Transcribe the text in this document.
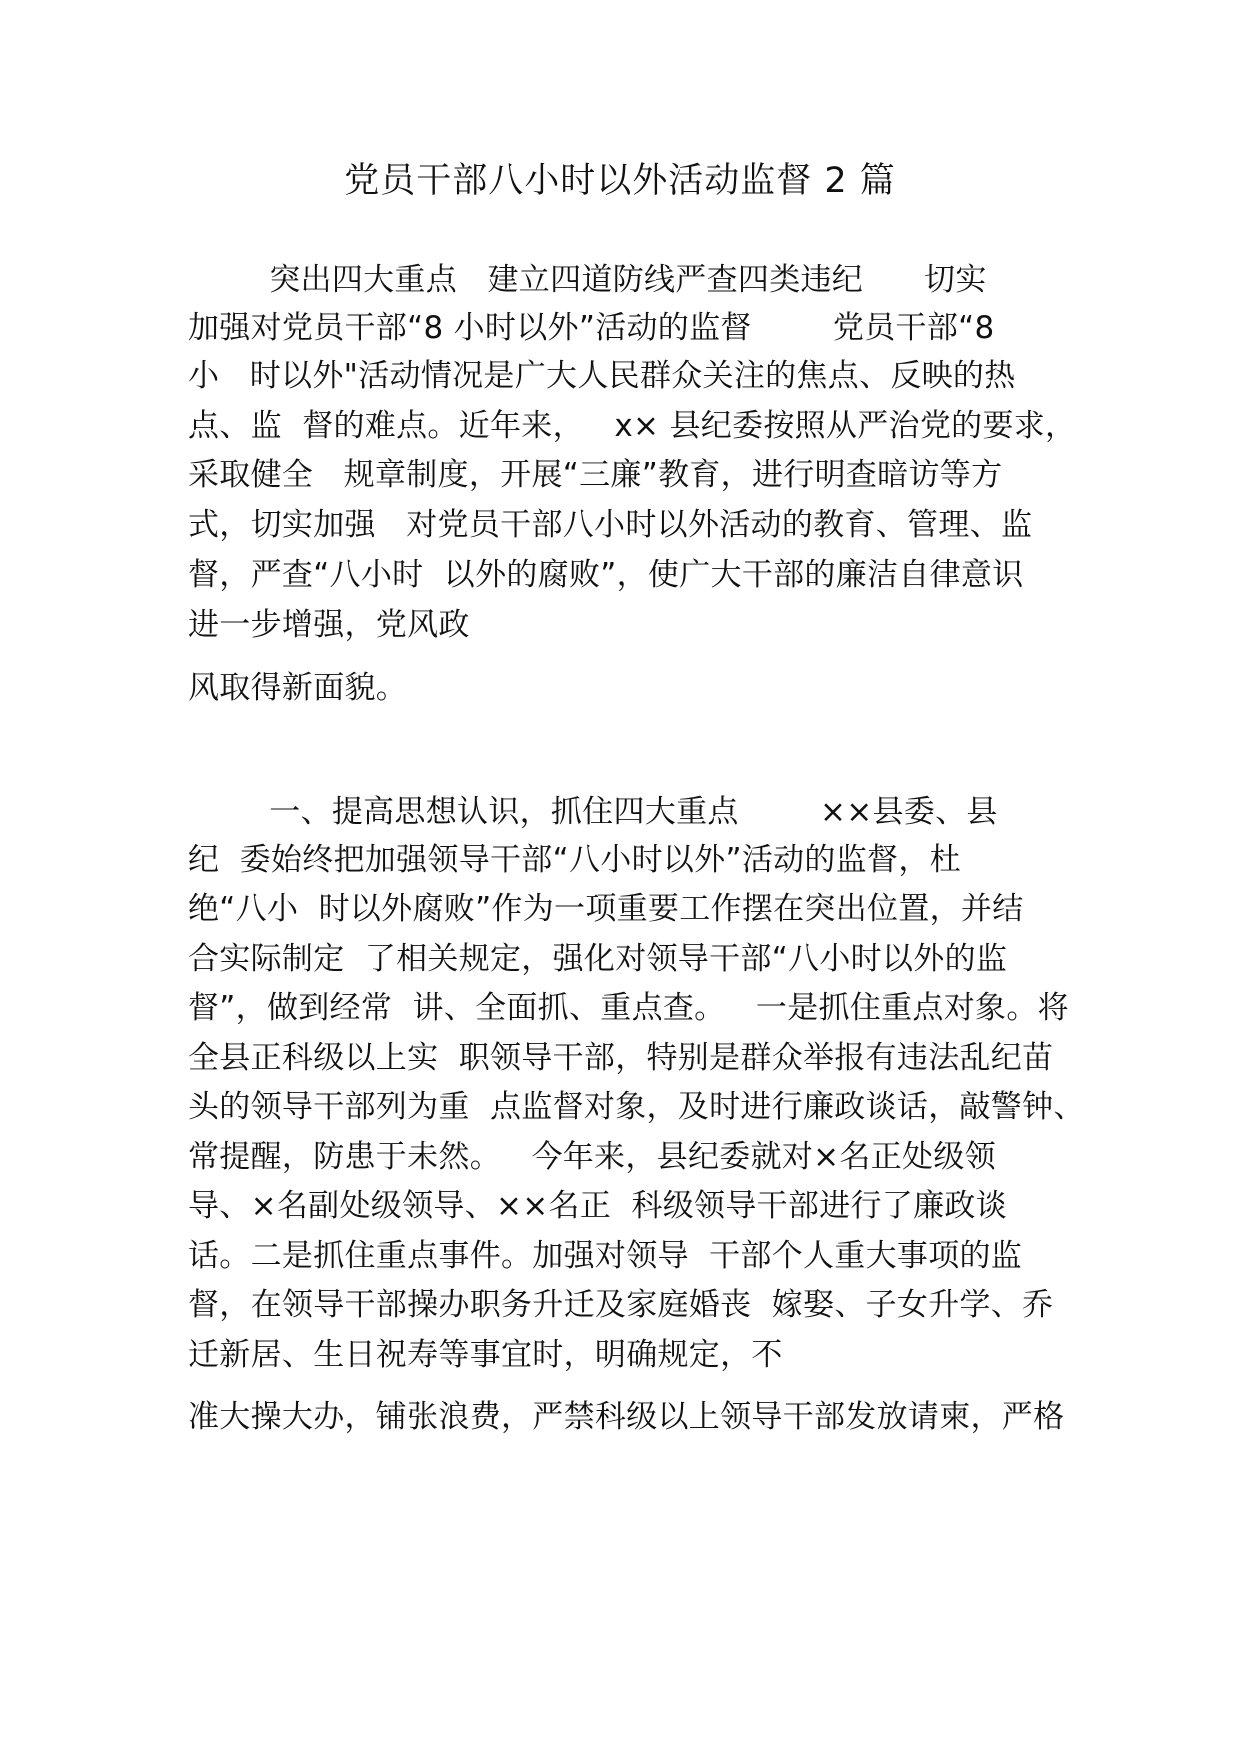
党员干部八小时以外活动监督 2 篇
突出四大重点   建立四道防线严查四类违纪      切实
加强对党员干部“8 小时以外”活动的监督        党员干部“8
小   时以外"活动情况是广大人民群众关注的焦点、反映的热
点、监  督的难点。近年来，   x× 县纪委按照从严治党的要求，
采取健全   规章制度，开展“三廉”教育，进行明查暗访等方
式，切实加强   对党员干部八小时以外活动的教育、管理、监
督，严查“八小时  以外的腐败”，使广大干部的廉洁自律意识
进一步增强，党风政
风取得新面貌。
一、提高思想认识，抓住四大重点        ××县委、县
纪  委始终把加强领导干部“八小时以外”活动的监督，杜
绝“八小  时以外腐败”作为一项重要工作摆在突出位置，并结
合实际制定  了相关规定，强化对领导干部“八小时以外的监
督”，做到经常  讲、全面抓、重点查。   一是抓住重点对象。将
全县正科级以上实  职领导干部，特别是群众举报有违法乱纪苗
头的领导干部列为重  点监督对象，及时进行廉政谈话，敲警钟、
常提醒，防患于未然。   今年来，县纪委就对×名正处级领
导、×名副处级领导、××名正  科级领导干部进行了廉政谈
话。二是抓住重点事件。加强对领导  干部个人重大事项的监
督，在领导干部操办职务升迁及家庭婚丧  嫁娶、子女升学、乔
迁新居、生日祝寿等事宜时，明确规定，不
准大操大办，铺张浪费，严禁科级以上领导干部发放请柬，严格
